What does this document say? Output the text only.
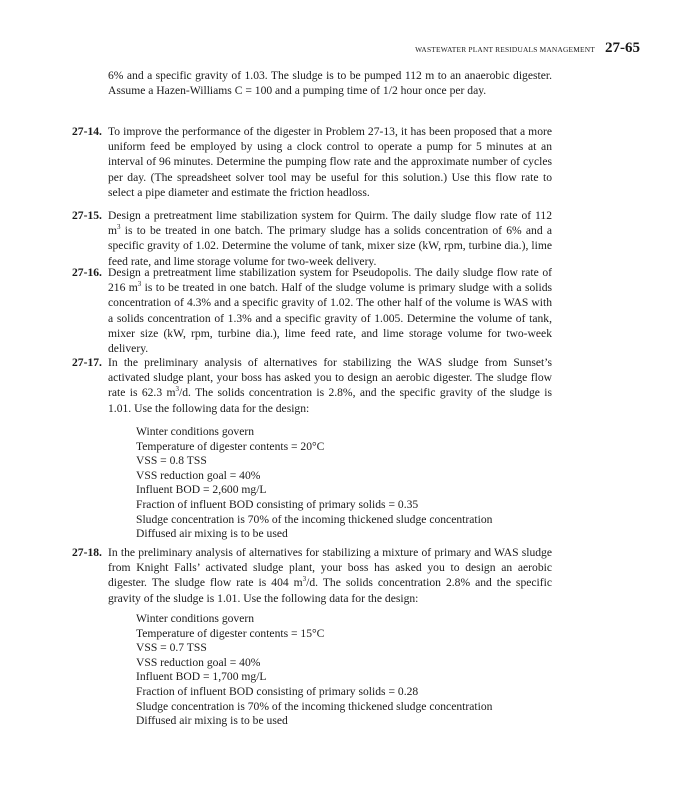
WASTEWATER PLANT RESIDUALS MANAGEMENT 27-65

6% and a specific gravity of 1.03. The sludge is to be pumped 112 m to an anaerobic digester. Assume a Hazen-Williams C = 100 and a pumping time of 1/2 hour once per day.

27-14. To improve the performance of the digester in Problem 27-13, it has been proposed that a more uniform feed be employed by using a clock control to operate a pump for 5 minutes at an interval of 96 minutes. Determine the pumping flow rate and the approximate number of cycles per day. (The spreadsheet solver tool may be useful for this solution.) Use this flow rate to select a pipe diameter and estimate the friction headloss.
27-15. Design a pretreatment lime stabilization system for Quirm. The daily sludge flow rate of 112 $m^3$ is to be treated in one batch. The primary sludge has a solids concentration of 6% and a specific gravity of 1.02. Determine the volume of tank, mixer size (kW, rpm, turbine dia.), lime feed rate, and lime storage volume for two-week delivery.
27-16. Design a pretreatment lime stabilization system for Pseudopolis. The daily sludge flow rate of 216 $m^3$ is to be treated in one batch. Half of the sludge volume is primary sludge with a solids concentration of 4.3% and a specific gravity of 1.02. The other half of the volume is WAS with a solids concentration of 1.3% and a specific gravity of 1.005. Determine the volume of tank, mixer size (kW, rpm, turbine dia.), lime feed rate, and lime storage volume for two-week delivery.
27-17. In the preliminary analysis of alternatives for stabilizing the WAS sludge from Sunset’s activated sludge plant, your boss has asked you to design an aerobic digester. The sludge flow rate is 62.3 $m^3/d$. The solids concentration is 2.8%, and the specific gravity of the sludge is 1.01. Use the following data for the design:
Winter conditions govern
Temperature of digester contents = 20°C
VSS = 0.8 TSS
VSS reduction goal = 40%
Influent BOD = 2,600 mg/L
Fraction of influent BOD consisting of primary solids = 0.35
Sludge concentration is 70% of the incoming thickened sludge concentration
Diffused air mixing is to be used
27-18. In the preliminary analysis of alternatives for stabilizing a mixture of primary and WAS sludge from Knight Falls’ activated sludge plant, your boss has asked you to design an aerobic digester. The sludge flow rate is 404 $m^3/d$. The solids concentration 2.8% and the specific gravity of the sludge is 1.01. Use the following data for the design:
Winter conditions govern
Temperature of digester contents = 15°C
VSS = 0.7 TSS
VSS reduction goal = 40%
Influent BOD = 1,700 mg/L
Fraction of influent BOD consisting of primary solids = 0.28
Sludge concentration is 70% of the incoming thickened sludge concentration
Diffused air mixing is to be used
